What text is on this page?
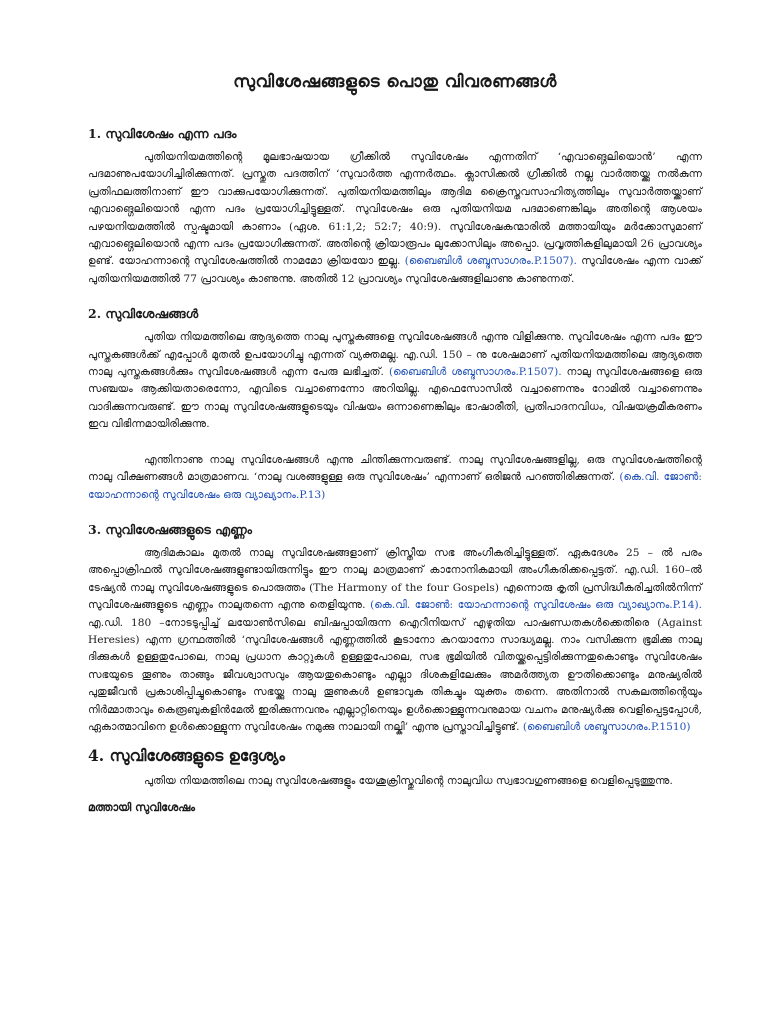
സുവിശേഷങ്ങളുടെ പൊതു വിവരണങ്ങൾ
1. സുവിശേഷം എന്ന പദം

പുതിയനിയമത്തിന്റെ മൂലഭാഷയായ ഗ്രീക്കിൽ സുവിശേഷം എന്നതിന് ‘എവാങ്ഗെലിയൊൻ’ എന്ന പദമാണുപയോഗിച്ചിരിക്കുന്നത്. പ്രസ്തുത പദത്തിന് ‘സുവാർത്ത എന്നർത്ഥം. ക്ലാസിക്കൽ ഗ്രീക്കിൽ നല്ല വാർത്തയ്ക്കു നൽകുന്ന പ്രതിഫലത്തിനാണ് ഈ വാക്കുപയോഗിക്കുന്നത്. പുതിയനിയമത്തിലും ആദിമ ക്രൈസ്തവസാഹിത്യത്തിലും സുവാർത്തയ്ക്കാണ് എവാങ്ഗെലിയൊൻ എന്ന പദം പ്രയോഗിച്ചിട്ടുള്ളത്. സുവിശേഷം ഒരു പുതിയനിയമ പദമാണെങ്കിലും അതിന്റെ ആശയം പഴയനിയമത്തിൽ സ്പഷ്ടമായി കാണാം (ഏശ. 61:1,2; 52:7; 40:9). സുവിശേഷകന്മാരിൽ മത്തായിയും മർക്കോസുമാണ് എവാങ്ഗെലിയൊൻ എന്ന പദം പ്രയോഗിക്കുന്നത്. അതിന്റെ ക്രിയാരൂപം ലൂക്കോസിലും അപ്പൊ. പ്രവൃത്തികളിലുമായി 26 പ്രാവശ്യം ഉണ്ട്. യോഹന്നാന്റെ സുവിശേഷത്തിൽ നാമമോ ക്രിയയോ ഇല്ല. (ബൈബിൾ ശബ്ദസാഗരം.P.1507). സുവിശേഷം എന്ന വാക്ക് പുതിയനിയമത്തിൽ 77 പ്രാവശ്യം കാണുന്നു. അതിൽ 12 പ്രാവശ്യം സുവിശേഷങ്ങളിലാണു കാണുന്നത്.

2. സുവിശേഷങ്ങൾ

പുതിയ നിയമത്തിലെ ആദ്യത്തെ നാലു പുസ്തകങ്ങളെ സുവിശേഷങ്ങൾ എന്നു വിളിക്കുന്നു. സുവിശേഷം എന്ന പദം ഈ പുസ്തകങ്ങൾക്ക് എപ്പോൾ മുതൽ ഉപയോഗിച്ചു എന്നത് വ്യക്തമല്ല. എ.ഡി. 150 – നു ശേഷമാണ് പുതിയനിയമത്തിലെ ആദ്യത്തെ നാലു പുസ്തകങ്ങൾക്കും സുവിശേഷങ്ങൾ എന്ന പേരു ലഭിച്ചത്. (ബൈബിൾ ശബ്ദസാഗരം.P.1507). നാലു സുവിശേഷങ്ങളെ ഒരു സഞ്ചയം ആക്കിയതാരെന്നോ, എവിടെ വച്ചാണെന്നോ അറിയില്ല. എഫെസോസിൽ വച്ചാണെന്നും റോമിൽ വച്ചാണെന്നും വാദിക്കുന്നവരുണ്ട്. ഈ നാലു സുവിശേഷങ്ങളുടെയും വിഷയം ഒന്നാണെങ്കിലും ഭാഷാരീതി, പ്രതിപാദനവിധം, വിഷയക്രമീകരണം ഇവ വിഭിന്നമായിരിക്കുന്നു.

എന്തിനാണു നാലു സുവിശേഷങ്ങൾ എന്നു ചിന്തിക്കുന്നവരുണ്ട്. നാലു സുവിശേഷങ്ങളില്ല, ഒരു സുവിശേഷത്തിന്റെ നാലു വീക്ഷണങ്ങൾ മാത്രമാണവ. ‘നാലു വശങ്ങളുള്ള ഒരു സുവിശേഷം’ എന്നാണ് ഒരിജൻ പറഞ്ഞിരിക്കുന്നത്. (കെ.വി. ജോൺ: യോഹന്നാന്റെ സുവിശേഷം ഒരു വ്യാഖ്യാനം.P.13)

3. സുവിശേഷങ്ങളുടെ എണ്ണം

ആദിമകാലം മുതൽ നാലു സുവിശേഷങ്ങളാണ് ക്രിസ്തീയ സഭ അംഗീകരിച്ചിട്ടുള്ളത്. ഏകദേശം 25 – ൽ പരം അപ്പൊക്രിഫൽ സുവിശേഷങ്ങളുണ്ടായിരുന്നിട്ടും ഈ നാലു മാത്രമാണ് കാനോനികമായി അംഗീകരിക്കപ്പെട്ടത്. എ.ഡി. 160–ൽ ടേഷ്യൻ നാലു സുവിശേഷങ്ങളുടെ പൊരുത്തം (The Harmony of the four Gospels) എന്നൊരു കൃതി പ്രസിദ്ധീകരിച്ചതിൽനിന്ന് സുവിശേഷങ്ങളുടെ എണ്ണം നാലുതന്നെ എന്നു തെളിയുന്നു. (കെ.വി. ജോൺ: യോഹന്നാന്റെ സുവിശേഷം ഒരു വ്യാഖ്യാനം.P.14). എ.ഡി. 180 –നോടടുപ്പിച്ച് ലയോൺസിലെ ബിഷപ്പായിരുന്ന ഐറീനിയസ് എഴുതിയ പാഷണ്ഡതകൾക്കെതിരെ (Against Heresies) എന്ന ഗ്രന്ഥത്തിൽ ‘സുവിശേഷങ്ങൾ എണ്ണത്തിൽ കൂടാനോ കുറയാനോ സാദ്ധ്യമല്ല. നാം വസിക്കുന്ന ഭൂമിക്കു നാലു ദിക്കുകൾ ഉള്ളതുപോലെ, നാലു പ്രധാന കാറ്റുകൾ ഉള്ളതുപോലെ, സഭ ഭൂമിയിൽ വിതയ്ക്കപ്പെട്ടിരിക്കുന്നതുകൊണ്ടും സുവിശേഷം സഭയുടെ തൂണും താങ്ങും ജീവശ്വാസവും ആയതുകൊണ്ടും എല്ലാ ദിശകളിലേക്കും അമർത്ത്യത ഊതിക്കൊണ്ടും മനുഷ്യരിൽ പുതുജീവൻ പ്രകാശിപ്പിച്ചുകൊണ്ടും സഭയ്ക്കു നാലു തൂണുകൾ ഉണ്ടാവുക തികച്ചും യുക്തം തന്നെ. അതിനാൽ സകലത്തിന്റെയും നിർമ്മാതാവും കെരൂബുകളിൻമേൽ ഇരിക്കുന്നവനും എല്ലാറ്റിനെയും ഉൾക്കൊള്ളുന്നവനുമായ വചനം മനുഷ്യർക്കു വെളിപ്പെട്ടപ്പോൾ, ഏകാത്മാവിനെ ഉൾക്കൊള്ളുന്ന സുവിശേഷം നമുക്കു നാലായി നല്കി’ എന്നു പ്രസ്താവിച്ചിട്ടുണ്ട്. (ബൈബിൾ ശബ്ദസാഗരം.P.1510)

4. സുവിശേങ്ങളുടെ ഉദ്ദേശ്യം

പുതിയ നിയമത്തിലെ നാലു സുവിശേഷങ്ങളും യേശുക്രിസ്തുവിന്റെ നാലുവിധ സ്വഭാവഗുണങ്ങളെ വെളിപ്പെടുത്തുന്നു.

മത്തായി സുവിശേഷം
